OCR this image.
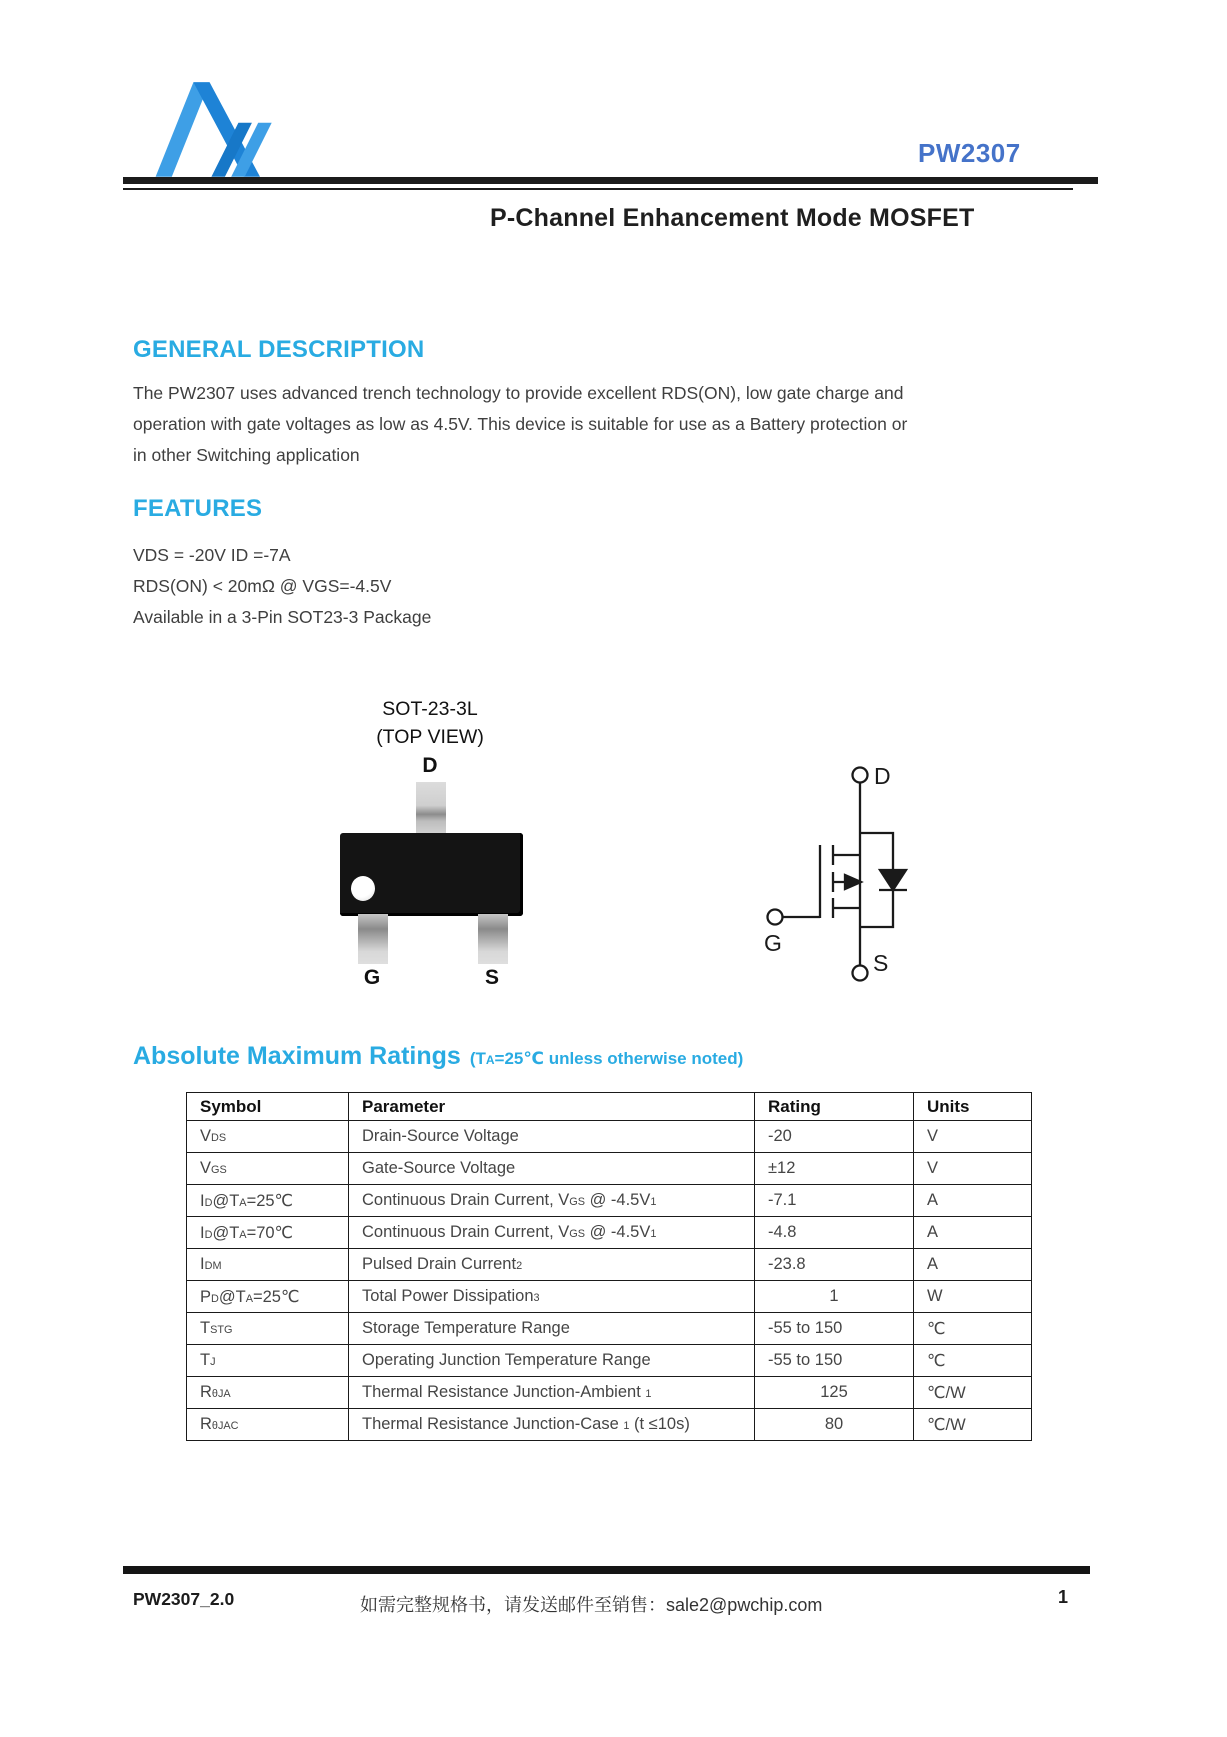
PW2307
P-Channel Enhancement Mode MOSFET
GENERAL DESCRIPTION
The PW2307 uses advanced trench technology to provide excellent RDS(ON), low gate charge and
operation with gate voltages as low as 4.5V. This device is suitable for use as a Battery protection or
in other Switching application
FEATURES
VDS = -20V ID =-7A
RDS(ON) < 20mΩ @ VGS=-4.5V
Available in a 3-Pin SOT23-3 Package
SOT-23-3L
(TOP VIEW)
D
G	S
D
G
S
Absolute Maximum Ratings (TA=25℃ unless otherwise noted)
Symbol	Parameter	Rating	Units
VDS	Drain-Source Voltage	-20	V
VGS	Gate-Source Voltage	±12	V
ID@TA=25℃	Continuous Drain Current, VGS @ -4.5V1	-7.1	A
ID@TA=70℃	Continuous Drain Current, VGS @ -4.5V1	-4.8	A
IDM	Pulsed Drain Current2	-23.8	A
PD@TA=25℃	Total Power Dissipation3	1	W
TSTG	Storage Temperature Range	-55 to 150	℃
TJ	Operating Junction Temperature Range	-55 to 150	℃
RθJA	Thermal Resistance Junction-Ambient 1	125	℃/W
RθJAC	Thermal Resistance Junction-Case 1 (t ≤10s)	80	℃/W
PW2307_2.0	如需完整规格书，请发送邮件至销售：sale2@pwchip.com	1
